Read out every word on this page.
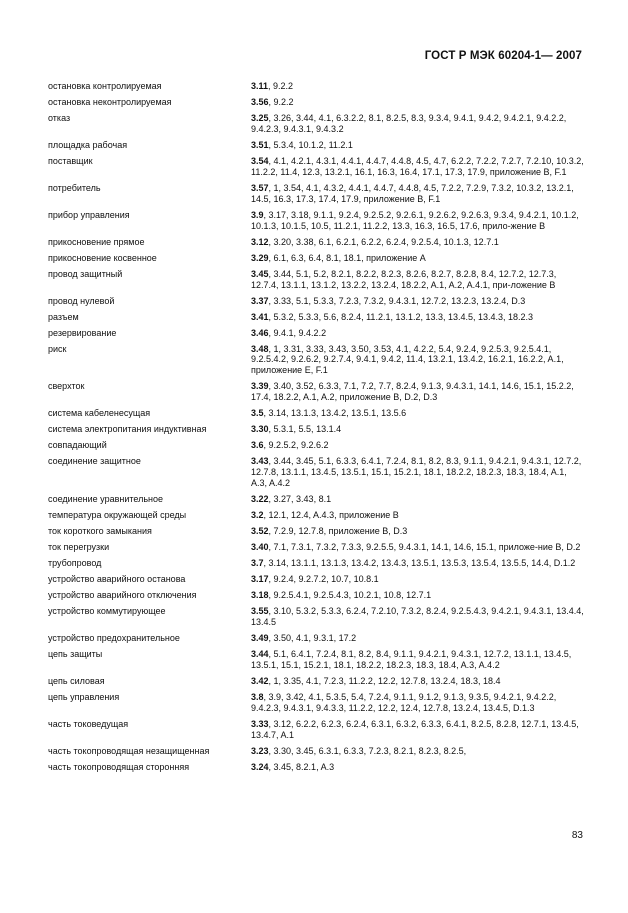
ГОСТ Р МЭК 60204-1— 2007
остановка контролируемая	3.11, 9.2.2
остановка неконтролируемая	3.56, 9.2.2
отказ	3.25, 3.26, 3.44, 4.1, 6.3.2.2, 8.1, 8.2.5, 8.3, 9.3.4, 9.4.1, 9.4.2, 9.4.2.1, 9.4.2.2, 9.4.2.3, 9.4.3.1, 9.4.3.2
площадка рабочая	3.51, 5.3.4, 10.1.2, 11.2.1
поставщик	3.54, 4.1, 4.2.1, 4.3.1, 4.4.1, 4.4.7, 4.4.8, 4.5, 4.7, 6.2.2, 7.2.2, 7.2.7, 7.2.10, 10.3.2, 11.2.2, 11.4, 12.3, 13.2.1, 16.1, 16.3, 16.4, 17.1, 17.3, 17.9, приложение В, F.1
потребитель	3.57, 1, 3.54, 4.1, 4.3.2, 4.4.1, 4.4.7, 4.4.8, 4.5, 7.2.2, 7.2.9, 7.3.2, 10.3.2, 13.2.1, 14.5, 16.3, 17.3, 17.4, 17.9, приложение В, F.1
прибор управления	3.9, 3.17, 3.18, 9.1.1, 9.2.4, 9.2.5.2, 9.2.6.1, 9.2.6.2, 9.2.6.3, 9.3.4, 9.4.2.1, 10.1.2, 10.1.3, 10.1.5, 10.5, 11.2.1, 11.2.2, 13.3, 16.3, 16.5, 17.6, прило-жение В
прикосновение прямое	3.12, 3.20, 3.38, 6.1, 6.2.1, 6.2.2, 6.2.4, 9.2.5.4, 10.1.3, 12.7.1
прикосновение косвенное	3.29, 6.1, 6.3, 6.4, 8.1, 18.1, приложение А
провод защитный	3.45, 3.44, 5.1, 5.2, 8.2.1, 8.2.2, 8.2.3, 8.2.6, 8.2.7, 8.2.8, 8.4, 12.7.2, 12.7.3, 12.7.4, 13.1.1, 13.1.2, 13.2.2, 13.2.4, 18.2.2, A.1, A.2, A.4.1, при-ложение В
провод нулевой	3.37, 3.33, 5.1, 5.3.3, 7.2.3, 7.3.2, 9.4.3.1, 12.7.2, 13.2.3, 13.2.4, D.3
разъем	3.41, 5.3.2, 5.3.3, 5.6, 8.2.4, 11.2.1, 13.1.2, 13.3, 13.4.5, 13.4.3, 18.2.3
резервирование	3.46, 9.4.1, 9.4.2.2
риск	3.48, 1, 3.31, 3.33, 3.43, 3.50, 3.53, 4.1, 4.2.2, 5.4, 9.2.4, 9.2.5.3, 9.2.5.4.1, 9.2.5.4.2, 9.2.6.2, 9.2.7.4, 9.4.1, 9.4.2, 11.4, 13.2.1, 13.4.2, 16.2.1, 16.2.2, A.1, приложение E, F.1
сверхток	3.39, 3.40, 3.52, 6.3.3, 7.1, 7.2, 7.7, 8.2.4, 9.1.3, 9.4.3.1, 14.1, 14.6, 15.1, 15.2.2, 17.4, 18.2.2, A.1, A.2, приложение В, D.2, D.3
система кабеленесущая	3.5, 3.14, 13.1.3, 13.4.2, 13.5.1, 13.5.6
система электропитания индуктивная	3.30, 5.3.1, 5.5, 13.1.4
совпадающий	3.6, 9.2.5.2, 9.2.6.2
соединение защитное	3.43, 3.44, 3.45, 5.1, 6.3.3, 6.4.1, 7.2.4, 8.1, 8.2, 8.3, 9.1.1, 9.4.2.1, 9.4.3.1, 12.7.2, 12.7.8, 13.1.1, 13.4.5, 13.5.1, 15.1, 15.2.1, 18.1, 18.2.2, 18.2.3, 18.3, 18.4, A.1, A.3, A.4.2
соединение уравнительное	3.22, 3.27, 3.43, 8.1
температура окружающей среды	3.2, 12.1, 12.4, A.4.3, приложение В
ток короткого замыкания	3.52, 7.2.9, 12.7.8, приложение В, D.3
ток перегрузки	3.40, 7.1, 7.3.1, 7.3.2, 7.3.3, 9.2.5.5, 9.4.3.1, 14.1, 14.6, 15.1, приложе-ние В, D.2
трубопровод	3.7, 3.14, 13.1.1, 13.1.3, 13.4.2, 13.4.3, 13.5.1, 13.5.3, 13.5.4, 13.5.5, 14.4, D.1.2
устройство аварийного останова	3.17, 9.2.4, 9.2.7.2, 10.7, 10.8.1
устройство аварийного отключения	3.18, 9.2.5.4.1, 9.2.5.4.3, 10.2.1, 10.8, 12.7.1
устройство коммутирующее	3.55, 3.10, 5.3.2, 5.3.3, 6.2.4, 7.2.10, 7.3.2, 8.2.4, 9.2.5.4.3, 9.4.2.1, 9.4.3.1, 13.4.4, 13.4.5
устройство предохранительное	3.49, 3.50, 4.1, 9.3.1, 17.2
цепь защиты	3.44, 5.1, 6.4.1, 7.2.4, 8.1, 8.2, 8.4, 9.1.1, 9.4.2.1, 9.4.3.1, 12.7.2, 13.1.1, 13.4.5, 13.5.1, 15.1, 15.2.1, 18.1, 18.2.2, 18.2.3, 18.3, 18.4, A.3, A.4.2
цепь силовая	3.42, 1, 3.35, 4.1, 7.2.3, 11.2.2, 12.2, 12.7.8, 13.2.4, 18.3, 18.4
цепь управления	3.8, 3.9, 3.42, 4.1, 5.3.5, 5.4, 7.2.4, 9.1.1, 9.1.2, 9.1.3, 9.3.5, 9.4.2.1, 9.4.2.2, 9.4.2.3, 9.4.3.1, 9.4.3.3, 11.2.2, 12.2, 12.4, 12.7.8, 13.2.4, 13.4.5, D.1.3
часть токоведущая	3.33, 3.12, 6.2.2, 6.2.3, 6.2.4, 6.3.1, 6.3.2, 6.3.3, 6.4.1, 8.2.5, 8.2.8, 12.7.1, 13.4.5, 13.4.7, A.1
часть токопроводящая незащищенная	3.23, 3.30, 3.45, 6.3.1, 6.3.3, 7.2.3, 8.2.1, 8.2.3, 8.2.5,
часть токопроводящая сторонняя	3.24, 3.45, 8.2.1, A.3
83
